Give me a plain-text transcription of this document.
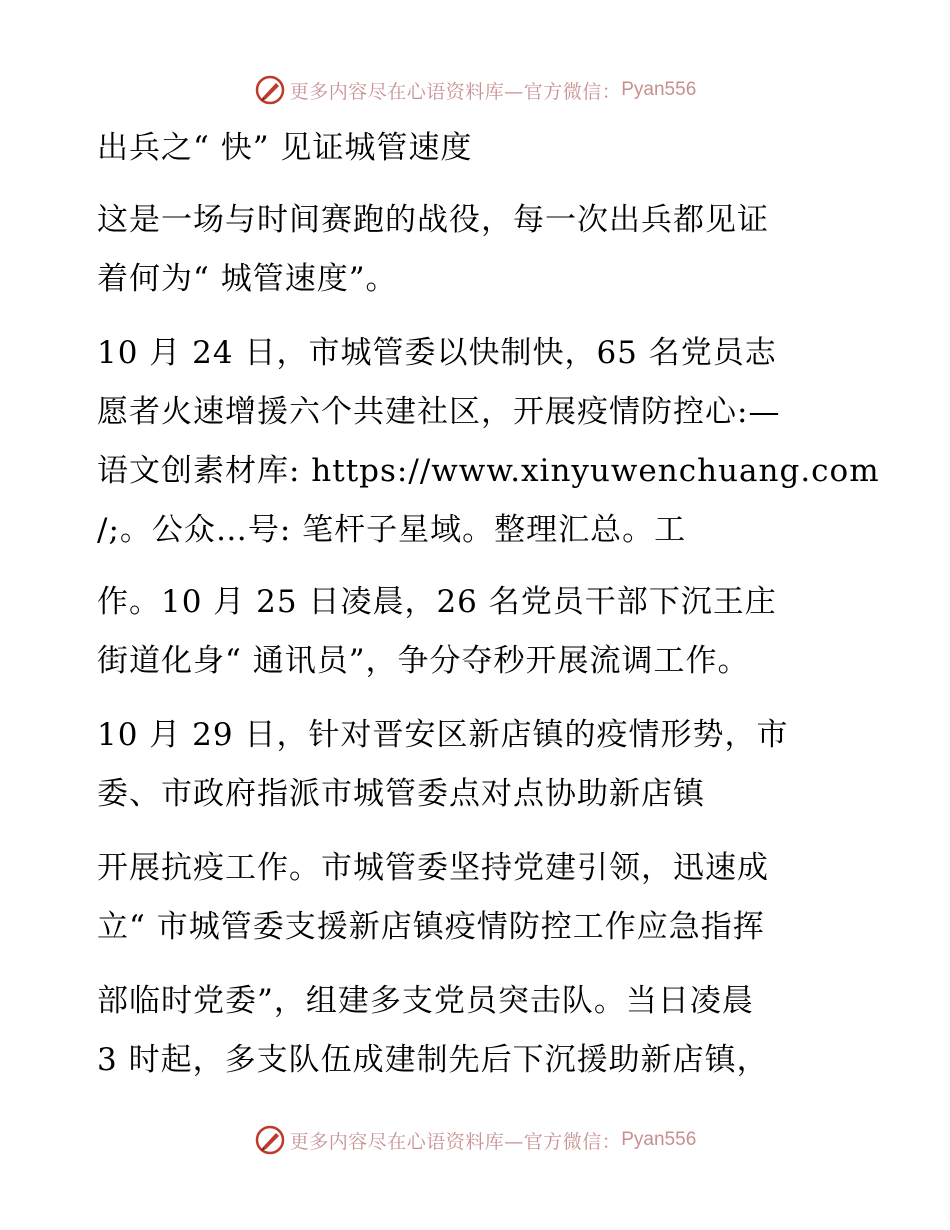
更多内容尽在心语资料库—官方微信： Pyan556
出兵之“ 快” 见证城管速度
这是一场与时间赛跑的战役，每一次出兵都见证
着何为“ 城管速度”。
10 月 24 日，市城管委以快制快，65 名党员志
愿者火速增援六个共建社区，开展疫情防控心:—
语文创素材库: https://www.xinyuwenchuang.com
/;。公众…号: 笔杆子星域。整理汇总。工
作。10 月 25 日凌晨，26 名党员干部下沉王庄
街道化身“ 通讯员”，争分夺秒开展流调工作。
10 月 29 日，针对晋安区新店镇的疫情形势，市
委、市政府指派市城管委点对点协助新店镇
开展抗疫工作。市城管委坚持党建引领，迅速成
立“ 市城管委支援新店镇疫情防控工作应急指挥
部临时党委”，组建多支党员突击队。当日凌晨
3 时起，多支队伍成建制先后下沉援助新店镇，
更多内容尽在心语资料库—官方微信： Pyan556
